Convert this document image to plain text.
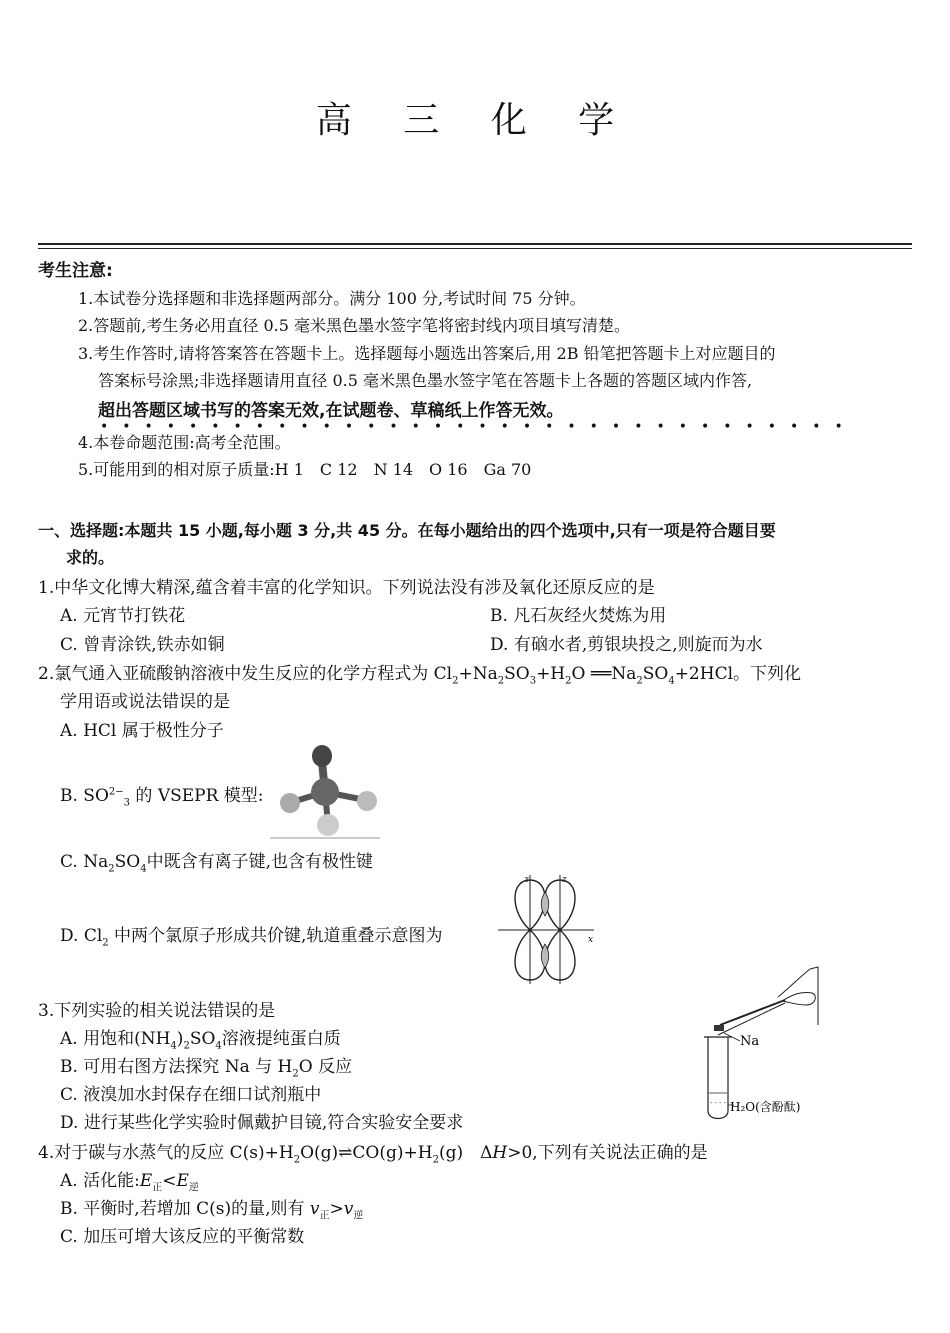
高 三 化 学
考生注意:
1.本试卷分选择题和非选择题两部分。满分 100 分,考试时间 75 分钟。
2.答题前,考生务必用直径 0.5 毫米黑色墨水签字笔将密封线内项目填写清楚。
3.考生作答时,请将答案答在答题卡上。选择题每小题选出答案后,用 2B 铅笔把答题卡上对应题目的
答案标号涂黑;非选择题请用直径 0.5 毫米黑色墨水签字笔在答题卡上各题的答题区域内作答,
超出答题区域书写的答案无效,在试题卷、草稿纸上作答无效。
••••••••••••••••••••••••••••••••••
4.本卷命题范围:高考全范围。
5.可能用到的相对原子质量:H 1　C 12　N 14　O 16　Ga 70
一、选择题:本题共 15 小题,每小题 3 分,共 45 分。在每小题给出的四个选项中,只有一项是符合题目要
求的。
1.中华文化博大精深,蕴含着丰富的化学知识。下列说法没有涉及氧化还原反应的是
A. 元宵节打铁花	B. 凡石灰经火焚炼为用
C. 曾青涂铁,铁赤如铜	D. 有硇水者,剪银块投之,则旋而为水
2.氯气通入亚硫酸钠溶液中发生反应的化学方程式为 $Cl_2+Na_2SO_3+H_2O$ $══Na_2SO_4+2HCl$。下列化
学用语或说法错误的是
A. HCl 属于极性分子
B. $SO^{2-}_3$ 的 VSEPR 模型:
C. $Na_2SO_4$中既含有离子键,也含有极性键
D. $Cl_2$ 中两个氯原子形成共价键,轨道重叠示意图为
z	z
x
3.下列实验的相关说法错误的是
A. 用饱和$(NH_4)_2SO_4$溶液提纯蛋白质
B. 可用右图方法探究 Na 与 $H_2O$ 反应
C. 液溴加水封保存在细口试剂瓶中
D. 进行某些化学实验时佩戴护目镜,符合实验安全要求
Na
- - - - H₂O(含酚酞)
4.对于碳与水蒸气的反应 $C(s)+H_2O(g)\rightleftharpoons CO(g)+H_2(g)$　ΔH>0,下列有关说法正确的是
A. 活化能$:E_正<E_逆$
B. 平衡时,若增加 C(s)的量,则有 $v_正>v_逆$
C. 加压可增大该反应的平衡常数
